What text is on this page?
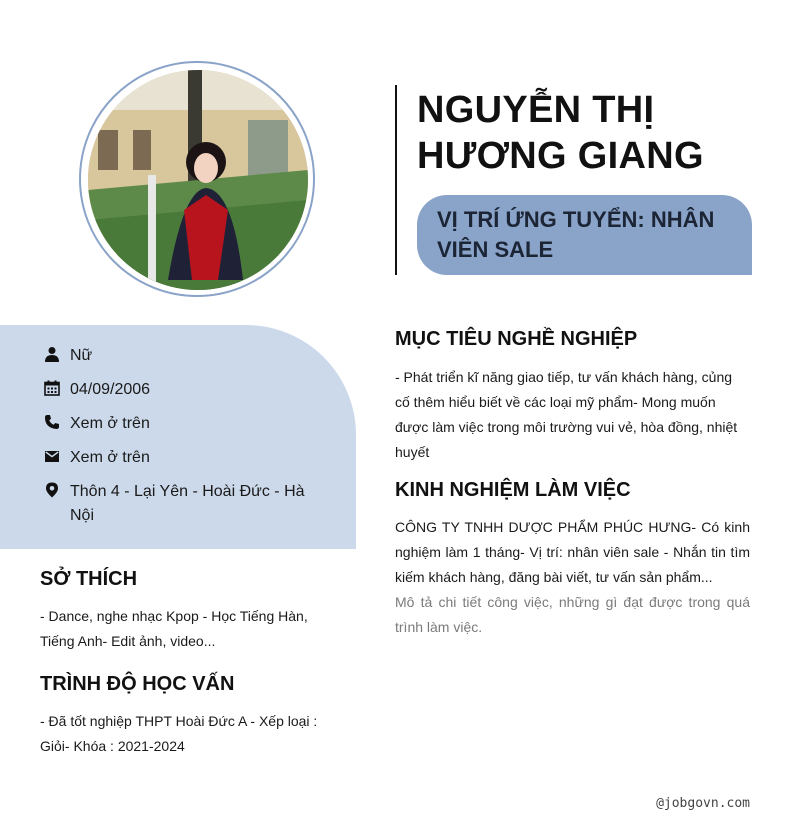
NGUYỄN THỊ HƯƠNG GIANG
VỊ TRÍ ỨNG TUYỂN: NHÂN VIÊN SALE
Nữ
04/09/2006
Xem ở trên
Xem ở trên
Thôn 4 - Lại Yên - Hoài Đức - Hà Nội
SỞ THÍCH
- Dance, nghe nhạc Kpop - Học Tiếng Hàn, Tiếng Anh- Edit ảnh, video...
TRÌNH ĐỘ HỌC VẤN
- Đã tốt nghiệp THPT Hoài Đức A - Xếp loại : Giỏi- Khóa : 2021-2024
MỤC TIÊU NGHỀ NGHIỆP
- Phát triển kĩ năng giao tiếp, tư vấn khách hàng, củng cố thêm hiểu biết về các loại mỹ phẩm- Mong muốn được làm việc trong môi trường vui vẻ, hòa đồng, nhiệt huyết
KINH NGHIỆM LÀM VIỆC
CÔNG TY TNHH DƯỢC PHẨM PHÚC HƯNG- Có kinh nghiệm làm 1 tháng- Vị trí: nhân viên sale - Nhắn tin tìm kiếm khách hàng, đăng bài viết, tư vấn sản phẩm...
Mô tả chi tiết công việc, những gì đạt được trong quá trình làm việc.
@jobgovn.com
